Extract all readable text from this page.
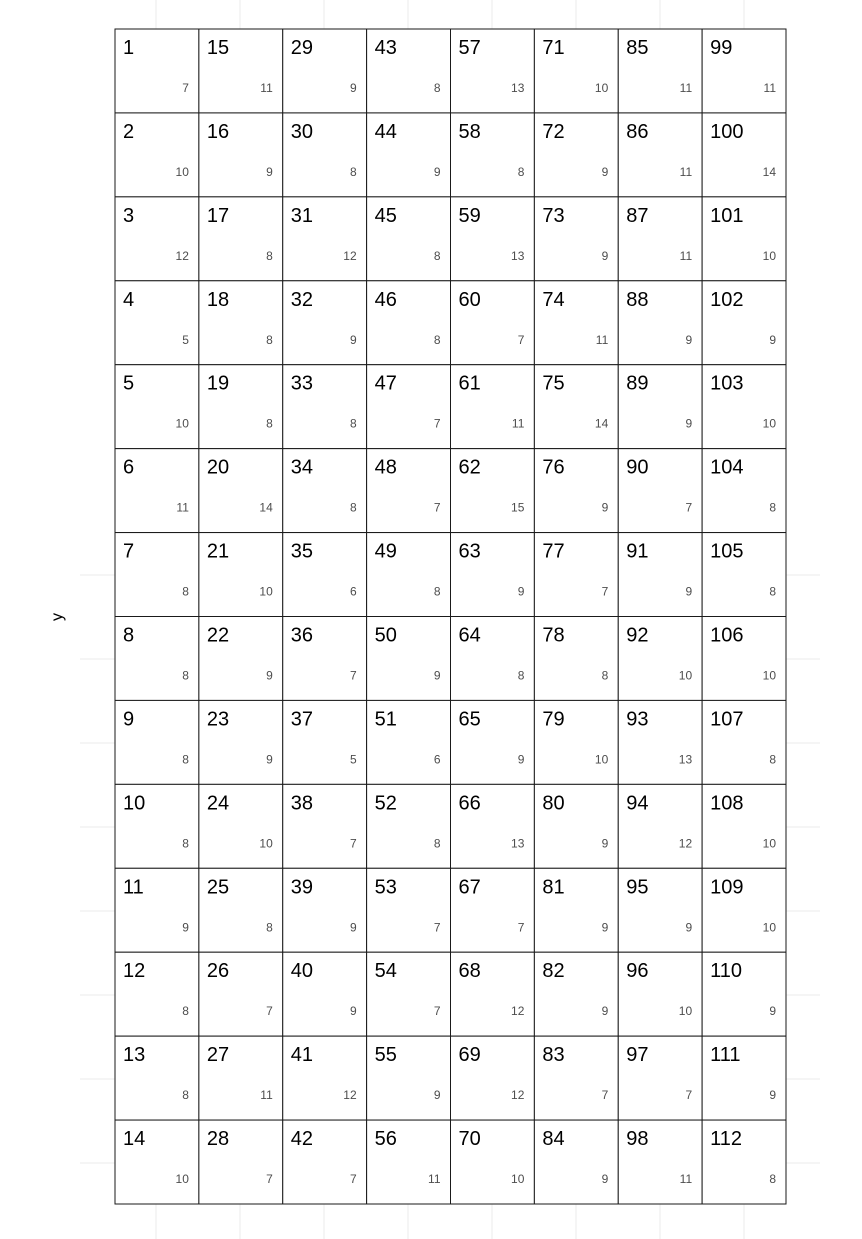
1
7
2
10
3
12
4
5
5
10
6
11
7
8
8
8
9
8
10
8
11
9
12
8
13
8
14
10
15
11
16
9
17
8
18
8
19
8
20
14
21
10
22
9
23
9
24
10
25
8
26
7
27
11
28
7
29
9
30
8
31
12
32
9
33
8
34
8
35
6
36
7
37
5
38
7
39
9
40
9
41
12
42
7
43
8
44
9
45
8
46
8
47
7
48
7
49
8
50
9
51
6
52
8
53
7
54
7
55
9
56
11
57
13
58
8
59
13
60
7
61
11
62
15
63
9
64
8
65
9
66
13
67
7
68
12
69
12
70
10
71
10
72
9
73
9
74
11
75
14
76
9
77
7
78
8
79
10
80
9
81
9
82
9
83
7
84
9
85
11
86
11
87
11
88
9
89
9
90
7
91
9
92
10
93
13
94
12
95
9
96
10
97
7
98
11
99
11
100
14
101
10
102
9
103
10
104
8
105
8
106
10
107
8
108
10
109
10
110
9
111
9
112
8
y
